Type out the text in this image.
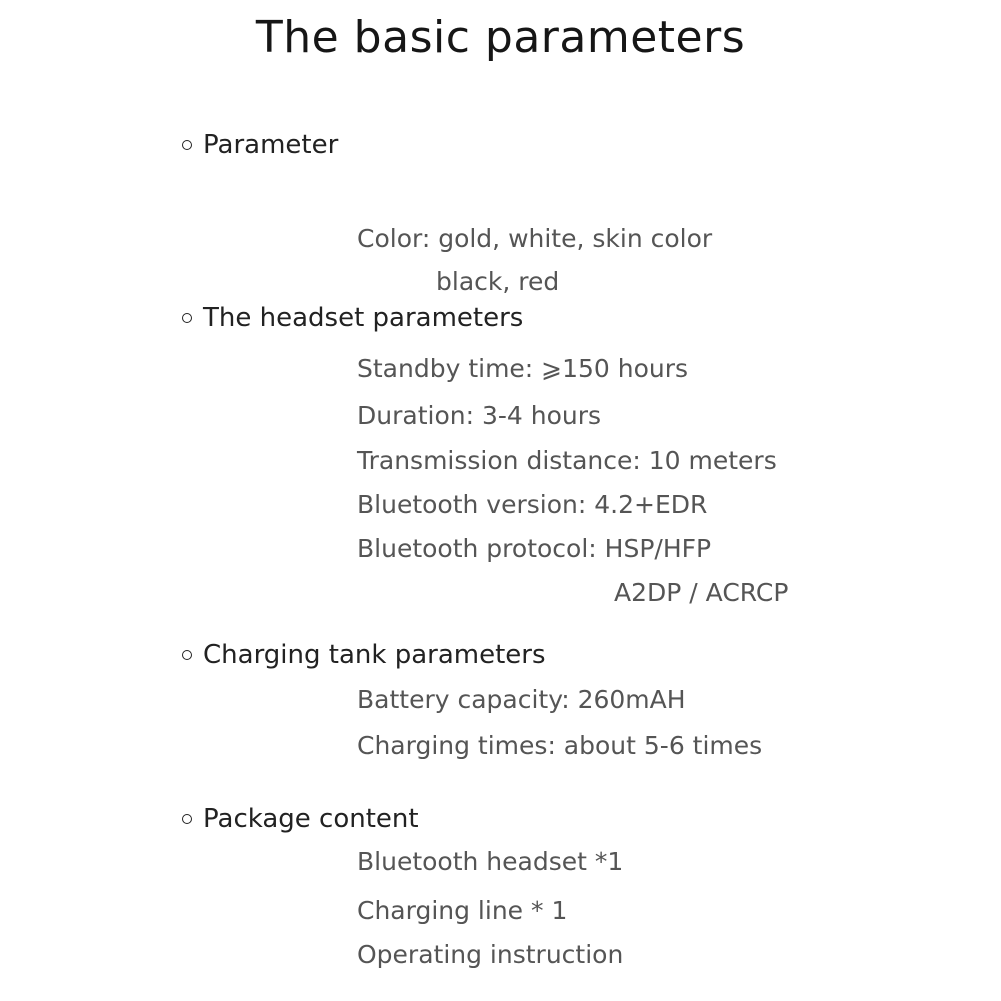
The basic parameters
Parameter
Color: gold, white, skin color
black, red
The headset parameters
Standby time: ⩾150 hours
Duration: 3-4 hours
Transmission distance: 10 meters
Bluetooth version: 4.2+EDR
Bluetooth protocol: HSP/HFP
A2DP / ACRCP
Charging tank parameters
Battery capacity: 260mAH
Charging times: about 5-6 times
Package content
Bluetooth headset *1
Charging line * 1
Operating instruction
